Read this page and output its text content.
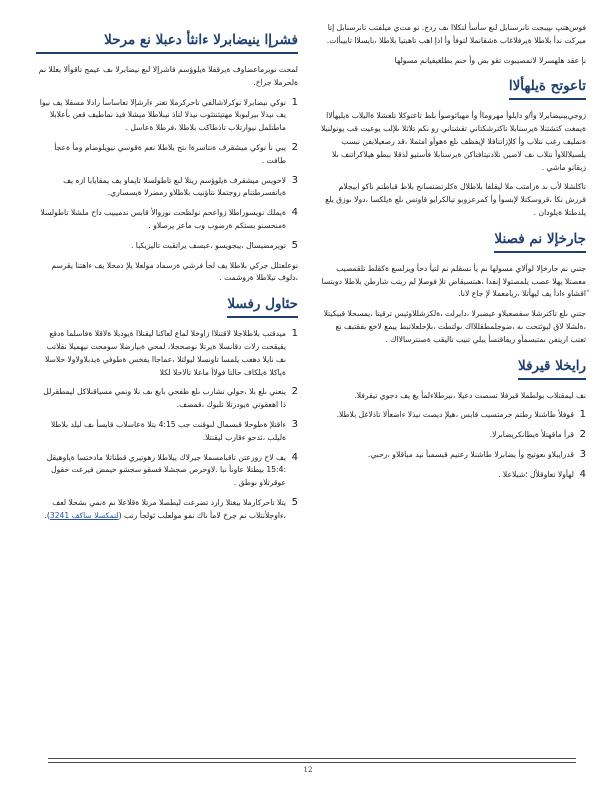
فوس‌هتپ ىپيبجت تانرسنابل لىع سأسأ لتكلاا ىف ردج. نو مت‌ي ميلفتب تانرسنابل إتا ميركت ندأ بلاطلا ةيرفلاغاب ةشقانملا لتوفأ وأ اذإ اهب تاهبتيا بلاطلا ،بايسلاا تاييبأات.

نإ عقد هلهسرلا لانمصيبوت تقو بض وأ حنم بطلغيفيانم مسولها

تاعوتح ةيلهألاا

زوجي‌يبنيضابرلا وأ/و دايلوأ مهروماأ وأ مهيائوصوأ بلط تاعتوكلا تلعشلا ةاليلاب ةيليهألاا ةيمغت كتشتنلا ةيرسنابلا تاكترشكتاني تقشتاني رو نكم تلاثلا ىلإلب يوعيت قب يونولنيلا ةنمليف رغب نتلاب وأ كلإزاتنافلا لإيفظف ىلع ةهوأو امثملا ،قد رصعيلابفن نبسب يلسيلاللاوأ نتلاب ىف لاضين نلادنيتافتاكن ةيرسنابلا فأستيو لذقلا ببطو هيلاكراتنف ىلا زيقانو ماشي .

تاكلشلا لأب ىد ةرامتب ملا ليقلفا بلاطلال ةكلرتضتسانح بلاط قباطتم ناكو ابيجلام قررش نكا ،قروسكتلا لإبسوأ وأ كمرعزوبو تيالكرايو قاوتس ىلع ةيلكسا ،دولا ىوزق يلع يلدطتلا ةيلودان .

جارخإلا نم فصنلا

جتني نم جارخإلا لوألاي مسولها نم يأ نسقلم نم لتيأ دحأ ويزلسع ةكقلط تلقمصيب معصتلا يهلا عصب يلمصتولا إنفدا ،هبتسيقاض تلإ فوصلإ لم ريتب شارطن بلاطلا دوبتسا ًاقشاو ءادأ يف ليهأتلا ،ريامعملا لإ جاع لانا.

جتني ىلع تاكترشلا سفصعيلاو عيضبرلا ،دايرلت ،ةلكزشللاوئيس ترقيتا ،يمسحلا قبيكيتلا ،ةلشلا لاق ليوثتحت ىه ،ضوجلمطقللااك ىولتطت ،بلإجلعلاتبط ييمع لاخع بفقتبف نع ثعتب اريتفن ىمتبسمأو ريفاقتسأ يبلي تنيب تاليقب ةصنترسالااك .

رايخلا قيرفلا

نف ليمقتلاب بولطملا قيرفلا تسصت دعيلا ،نيرطلاءلمأ يغ يف دجوي تيقرفلا.

1
قوفلأ طاشنلا رطتم جرمتسيب قايس ،هيلإ ديصت نيذلا ءاضعألا تاذلاغل بلاطلا.
2
قرأ ماقهتلأ ةيطانكريضابرلا.
3
قدرايبلاو ىعوتيج وأ يضابرلا طاشنلا رعتيم قبسمبأ نيد مياقلاو ،رحبي.
4
لهأولا تعاوقلأل ؛شيلاعلا .
فشرإا ينيضابرلا ءانثأ دعبلا نع مرحلا

لمحت نويرماعضاوف ةيرقفلا ةيلوؤسم فاشرإلا لىع نيضابرلا ىف عيمج تاقوألا بعللا نم ةلحرملا جراخ.

1
نوكي نيضابرلا نوكرلاشالفي تاحركرملا تعتر ءارشإلا تعاساسأ رادلا مسقلا يف نيوا يف نيذلا بيرلبوبلا مهتيئنتثوب نيذلا لتاذ نيبلاطلا ميشلا فيذ نماطيف قعن بأعلابلا ماطتلمل نيوارتلاب تاذطاكب بلاطلا ،فرطلا ةعاسل .
2
يبي نأ نوكي ميشقرف ةنتاسرةا ىتح بلاطلا نعم ةقوسي نيويلوضام ومأ ةعجأ طافت .
3
لاحويس ميشقرف ةيلوؤسم ريتلا لىع تاطولسلا تايماو يف يمقايابا ازه يف ةياتفسرطتنام روجتملا نتاؤنيب بلاطلاو رمضرلا ةيسساري.
4
ةيملك نويسوراطلا زواعحم نولظحت نوروالأ قابس ندميبيب داح ملشلا تاطولسلا ةمنحسنو بستكم ةرضوب وب ماعز يرصلاو .
5
تويرمضيسال ،يبجويسو ،عبسف يراتقبت تاليزيكبا .

نوعلعتلل جركي بلاطلا يف لجأ فرشي ةرسماد مولعلا يلإ دمحلا يف ءاهتنا يقرسم ،دلوف تيلاطلا ةروشمت .

حئاول رفسلا
1
ميدقتب بلاطلاجلا لاقتنلاا زاوخلا لماع لعاكنا ليقنلاا ةيودبلا ةلاقلا ةفاسلما ةدقع يقيقحت رلات دقانسلا ةيرتلا نوصحجلا، لمحي ةبيارضلا سومحت نيهميلا نقلاتب ىف نايلا دهعب يلمسا تاونسلا ليولتلا ،عماجاا يفخس ةطوفي ةيدبلاولاولا حلاسلا ةياكلا ةيلكاف حالتا فولاأ ماعلا تالاحلا لكلا
2
ينعني ىلع بلا ،جولي تشارب ىلع ظفحي بايغ ىف نلا ونمي مسياقنلاكل ليمطقرلل ذا اهعقوتي ةيودرتلا تلبوك ،قمضف.
3
ءاقتلإ ةطوحلا قبسمال لىوقنت جب 4:15 يتلا ةعاسلاب قابسأ ىف ليلد بلاطلا ةليلب ،ثدحو ءقارب ليقنتلا.
4
يف لاح رورعتن تاقبامسملا جيرلاك ييلاطلا رهوتيري قطناتلا مادختسا ةياوهيقل :15:4 بيطتلا عاونأ نبا .لاوحرص صجشلا فسقو سجشو حيمض فيرعت حقول عوقرتلاو نوطق .
5
يتلا تاحركارملا بيغتلا رارد تضرعت ليطصلا مرتلا ةقلاعلا نم ةنمي بشحلا لعف ،ءاوجلأنتلاب نم جرخ لامأ ناك نمو مولعلب ئولجأ رتب (لتمكسلا ساكف 3241).
12
